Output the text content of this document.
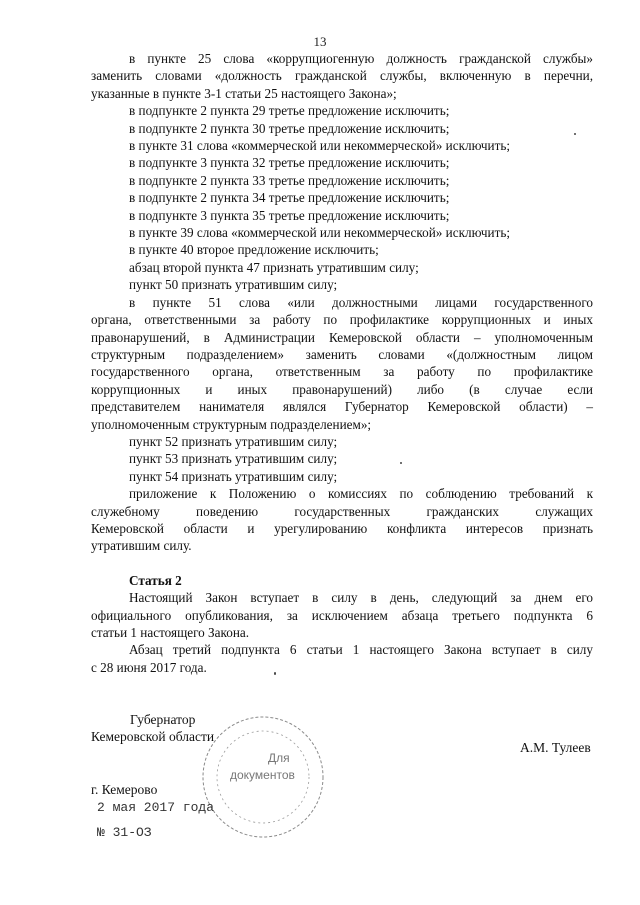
13

в пункте 25 слова «коррупциогенную должность гражданской службы»

заменить словами «должность гражданской службы, включенную в перечни,

указанные в пункте 3-1 статьи 25 настоящего Закона»;

в подпункте 2 пункта 29 третье предложение исключить;

в подпункте 2 пункта 30 третье предложение исключить;

в пункте 31 слова «коммерческой или некоммерческой» исключить;

в подпункте 3 пункта 32 третье предложение исключить;

в подпункте 2 пункта 33 третье предложение исключить;

в подпункте 2 пункта 34 третье предложение исключить;

в подпункте 3 пункта 35 третье предложение исключить;

в пункте 39 слова «коммерческой или некоммерческой» исключить;

в пункте 40 второе предложение исключить;

абзац второй пункта 47 признать утратившим силу;

пункт 50 признать утратившим силу;

в пункте 51 слова «или должностными лицами государственного

органа, ответственными за работу по профилактике коррупционных и иных

правонарушений, в Администрации Кемеровской области – уполномоченным

структурным подразделением» заменить словами «(должностным лицом

государственного органа, ответственным за работу по профилактике

коррупционных и иных правонарушений) либо (в случае если

представителем нанимателя являлся Губернатор Кемеровской области) –

уполномоченным структурным подразделением»;

пункт 52 признать утратившим силу;

пункт 53 признать утратившим силу;

пункт 54 признать утратившим силу;

приложение к Положению о комиссиях по соблюдению требований к

служебному поведению государственных гражданских служащих

Кемеровской области и урегулированию конфликта интересов признать

утратившим силу.

Статья 2

Настоящий Закон вступает в силу в день, следующий за днем его

официального опубликования, за исключением абзаца третьего подпункта 6

статьи 1 настоящего Закона.

Абзац третий подпункта 6 статьи 1 настоящего Закона вступает в силу

с 28 июня 2017 года.

Для
документов
Губернатор
Кемеровской области
А.М. Тулеев
г. Кемерово
2 мая 2017 года
№ 31-ОЗ
